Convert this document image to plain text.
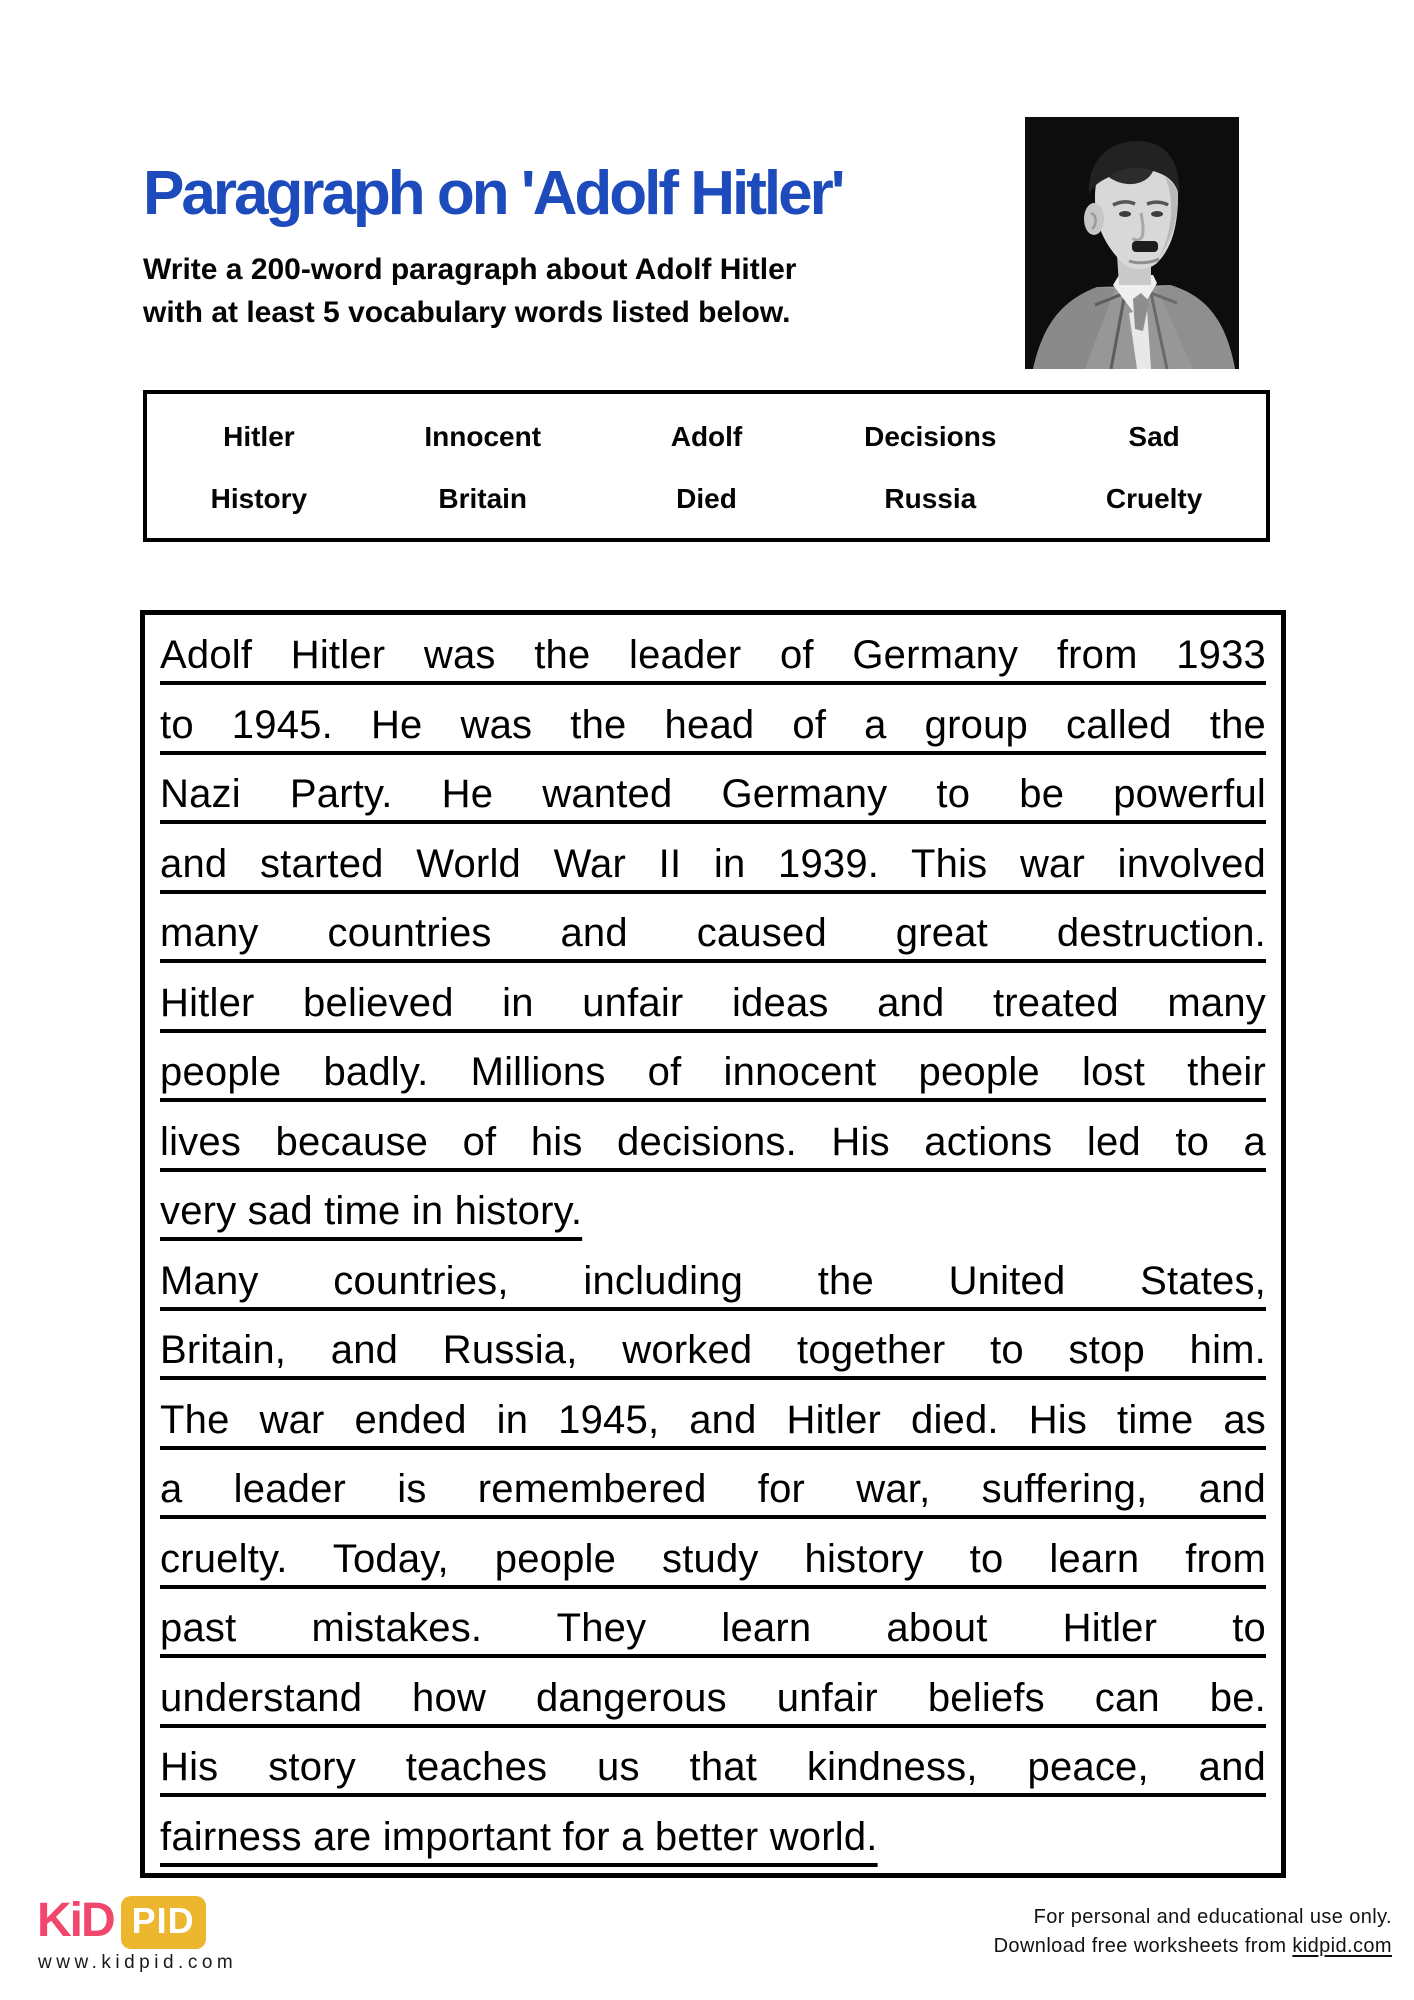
Paragraph on 'Adolf Hitler'
Write a 200-word paragraph about Adolf Hitler
with at least 5 vocabulary words listed below.
Hitler	Innocent	Adolf	Decisions	Sad
History	Britain	Died	Russia	Cruelty
Adolf Hitler was the leader of Germany from 1933
to 1945. He was the head of a group called the
Nazi Party. He wanted Germany to be powerful
and started World War II in 1939. This war involved
many countries and caused great destruction.
Hitler believed in unfair ideas and treated many
people badly. Millions of innocent people lost their
lives because of his decisions. His actions led to a
very sad time in history.
Many countries, including the United States,
Britain, and Russia, worked together to stop him.
The war ended in 1945, and Hitler died. His time as
a leader is remembered for war, suffering, and
cruelty. Today, people study history to learn from
past mistakes. They learn about Hitler to
understand how dangerous unfair beliefs can be.
His story teaches us that kindness, peace, and
fairness are important for a better world.
KiD PID
www.kidpid.com
For personal and educational use only.
Download free worksheets from kidpid.com
